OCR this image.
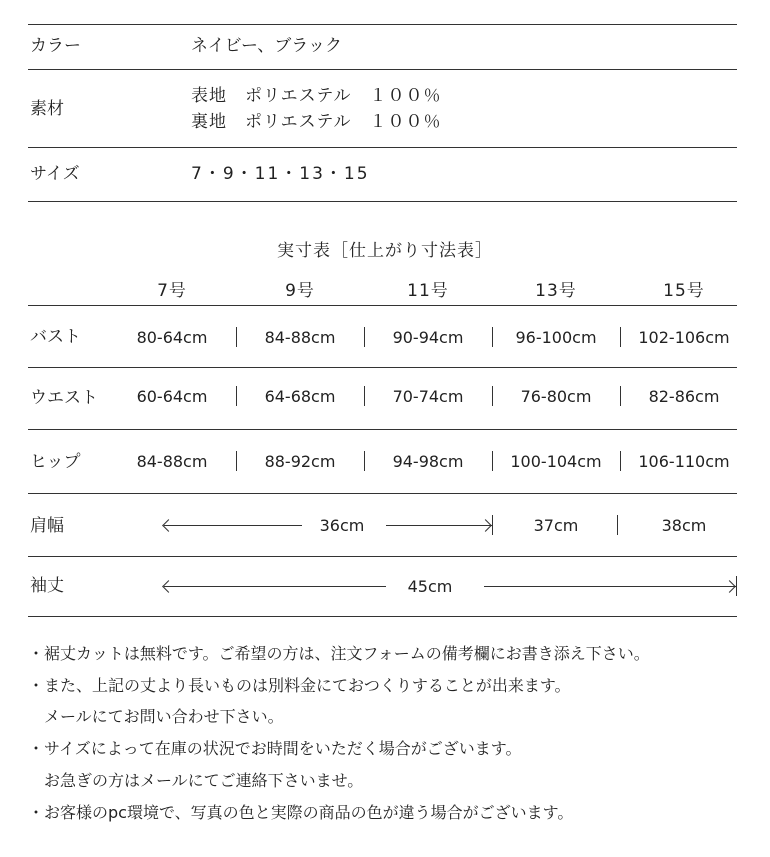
カラー	ネイビー、ブラック
素材
表地　ポリエステル　１００％
裏地　ポリエステル　１００％
サイズ	7・9・11・13・15
実寸表［仕上がり寸法表］
7号	9号	11号	13号	15号
バスト	80-64cm	84-88cm	90-94cm	96-100cm	102-106cm
ウエスト	60-64cm	64-68cm	70-74cm	76-80cm	82-86cm
ヒップ	84-88cm	88-92cm	94-98cm	100-104cm	106-110cm
肩幅	36cm	37cm	38cm
袖丈	45cm
・裾丈カットは無料です。ご希望の方は、注文フォームの備考欄にお書き添え下さい。
・また、上記の丈より長いものは別料金にておつくりすることが出来ます。
メールにてお問い合わせ下さい。
・サイズによって在庫の状況でお時間をいただく場合がございます。
お急ぎの方はメールにてご連絡下さいませ。
・お客様のpc環境で、写真の色と実際の商品の色が違う場合がございます。
